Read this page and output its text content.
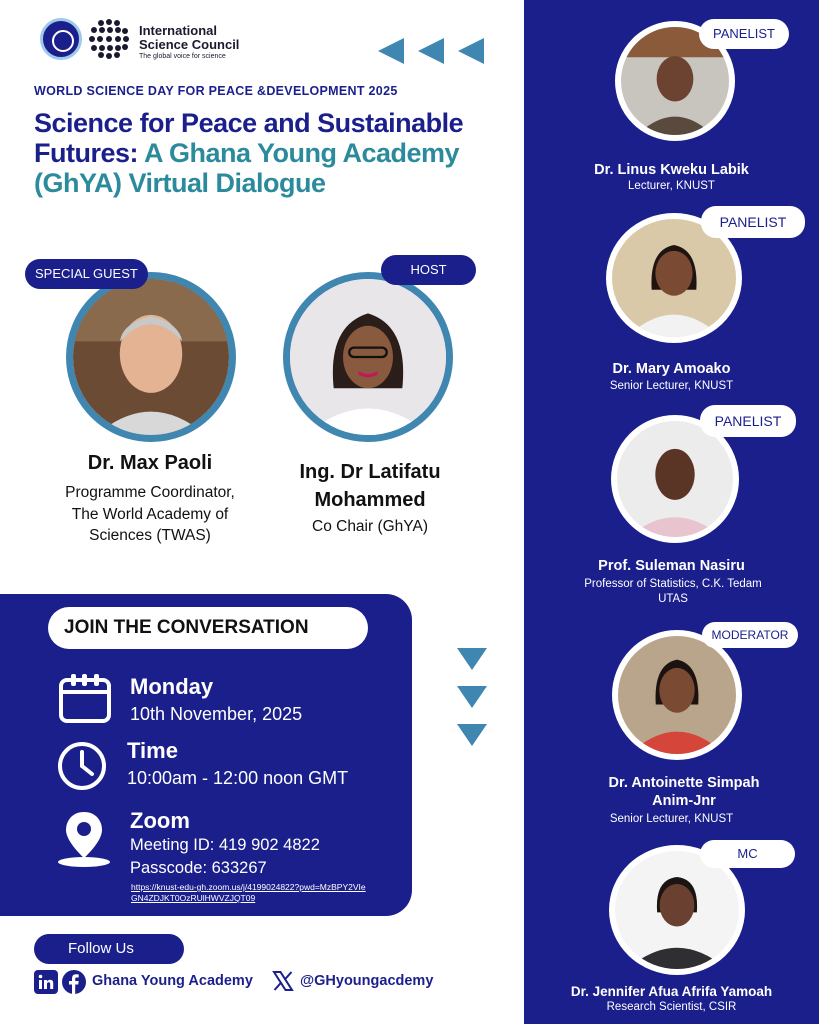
International
Science Council
The global voice for science
WORLD SCIENCE DAY FOR PEACE &DEVELOPMENT 2025
Science for Peace and Sustainable Futures: A Ghana Young Academy (GhYA) Virtual Dialogue
SPECIAL GUEST
Dr. Max Paoli
Programme Coordinator, The World Academy of Sciences (TWAS)
HOST
Ing. Dr Latifatu Mohammed
Co Chair (GhYA)
JOIN THE CONVERSATION
Monday
10th November, 2025
Time
10:00am - 12:00 noon GMT
Zoom
Meeting ID: 419 902 4822
Passcode: 633267
https://knust-edu-gh.zoom.us/j/4199024822?pwd=MzBPY2VIeGN4ZDJKT0OzRUlHWVZJQT09
Follow Us
Ghana Young Academy	@GHyoungacdemy
PANELIST
Dr. Linus Kweku Labik
Lecturer, KNUST
PANELIST
Dr. Mary Amoako
Senior Lecturer, KNUST
PANELIST
Prof. Suleman Nasiru
Professor of Statistics, C.K. Tedam UTAS
MODERATOR
Dr. Antoinette Simpah Anim-Jnr
Senior Lecturer, KNUST
MC
Dr. Jennifer Afua Afrifa Yamoah
Research Scientist, CSIR
